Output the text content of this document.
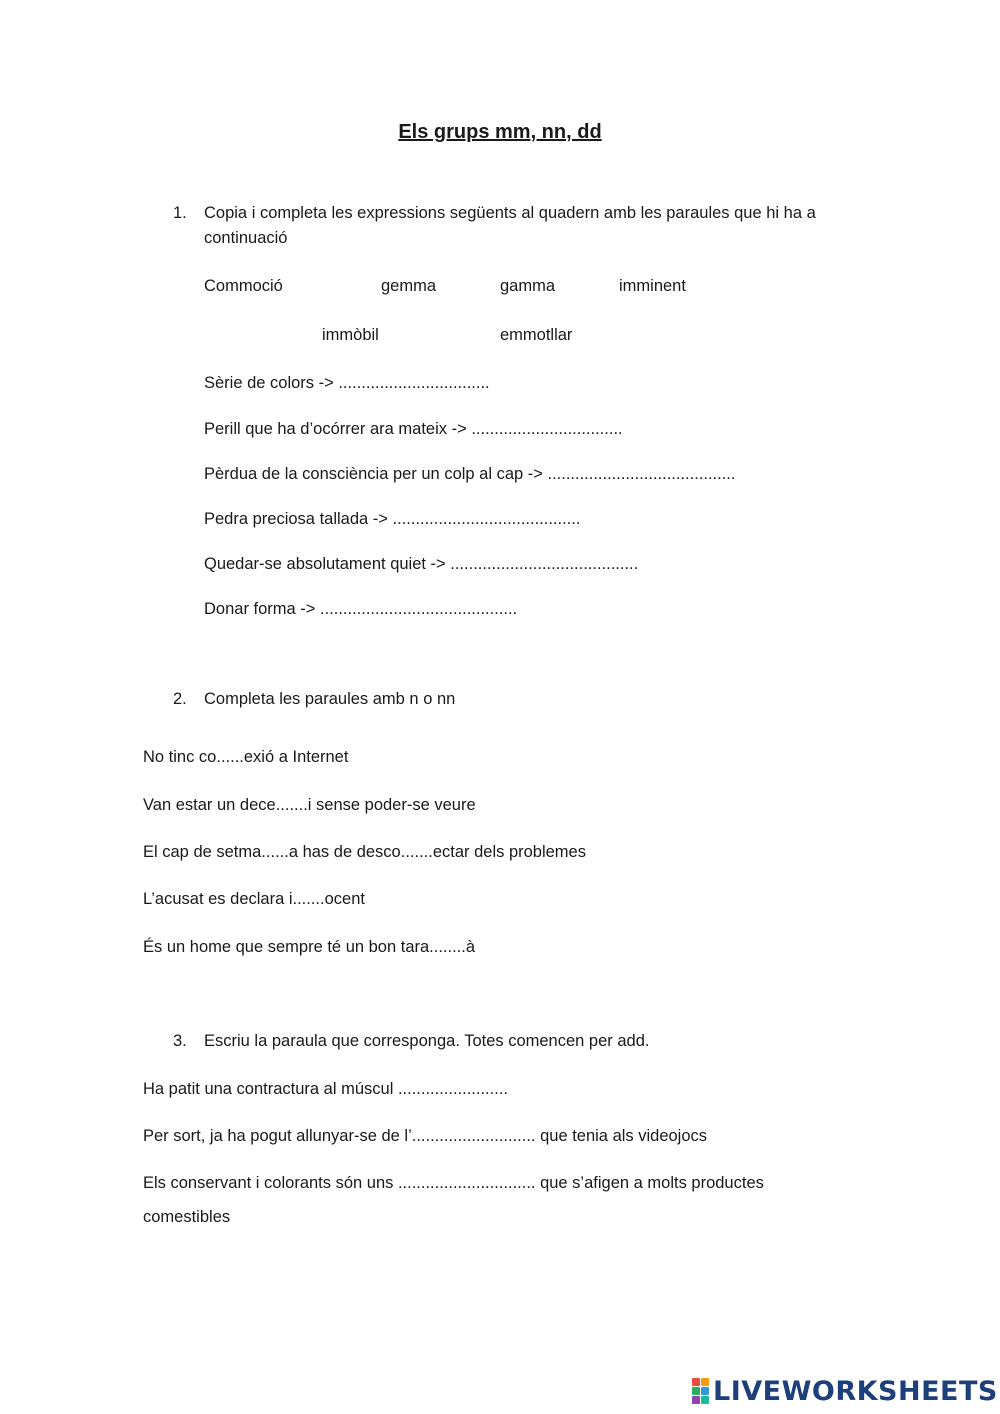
Els grups mm, nn, dd
1. Copia i completa les expressions següents al quadern amb les paraules que hi ha a
continuació
Commoció	gemma	gamma	imminent
immòbil	emmotllar
Sèrie de colors -> .................................
Perill que ha d’ocórrer ara mateix -> .................................
Pèrdua de la consciència per un colp al cap -> .........................................
Pedra preciosa tallada -> .........................................
Quedar-se absolutament quiet -> .........................................
Donar forma -> ...........................................
2. Completa les paraules amb n o nn
No tinc co......exió a Internet
Van estar un dece.......i sense poder-se veure
El cap de setma......a has de desco.......ectar dels problemes
L’acusat es declara i.......ocent
És un home que sempre té un bon tara........à
3. Escriu la paraula que corresponga. Totes comencen per add.
Ha patit una contractura al múscul ........................
Per sort, ja ha pogut allunyar-se de l’........................... que tenia als videojocs
Els conservant i colorants són uns .............................. que s’afigen a molts productes
comestibles
LIVEWORKSHEETS
